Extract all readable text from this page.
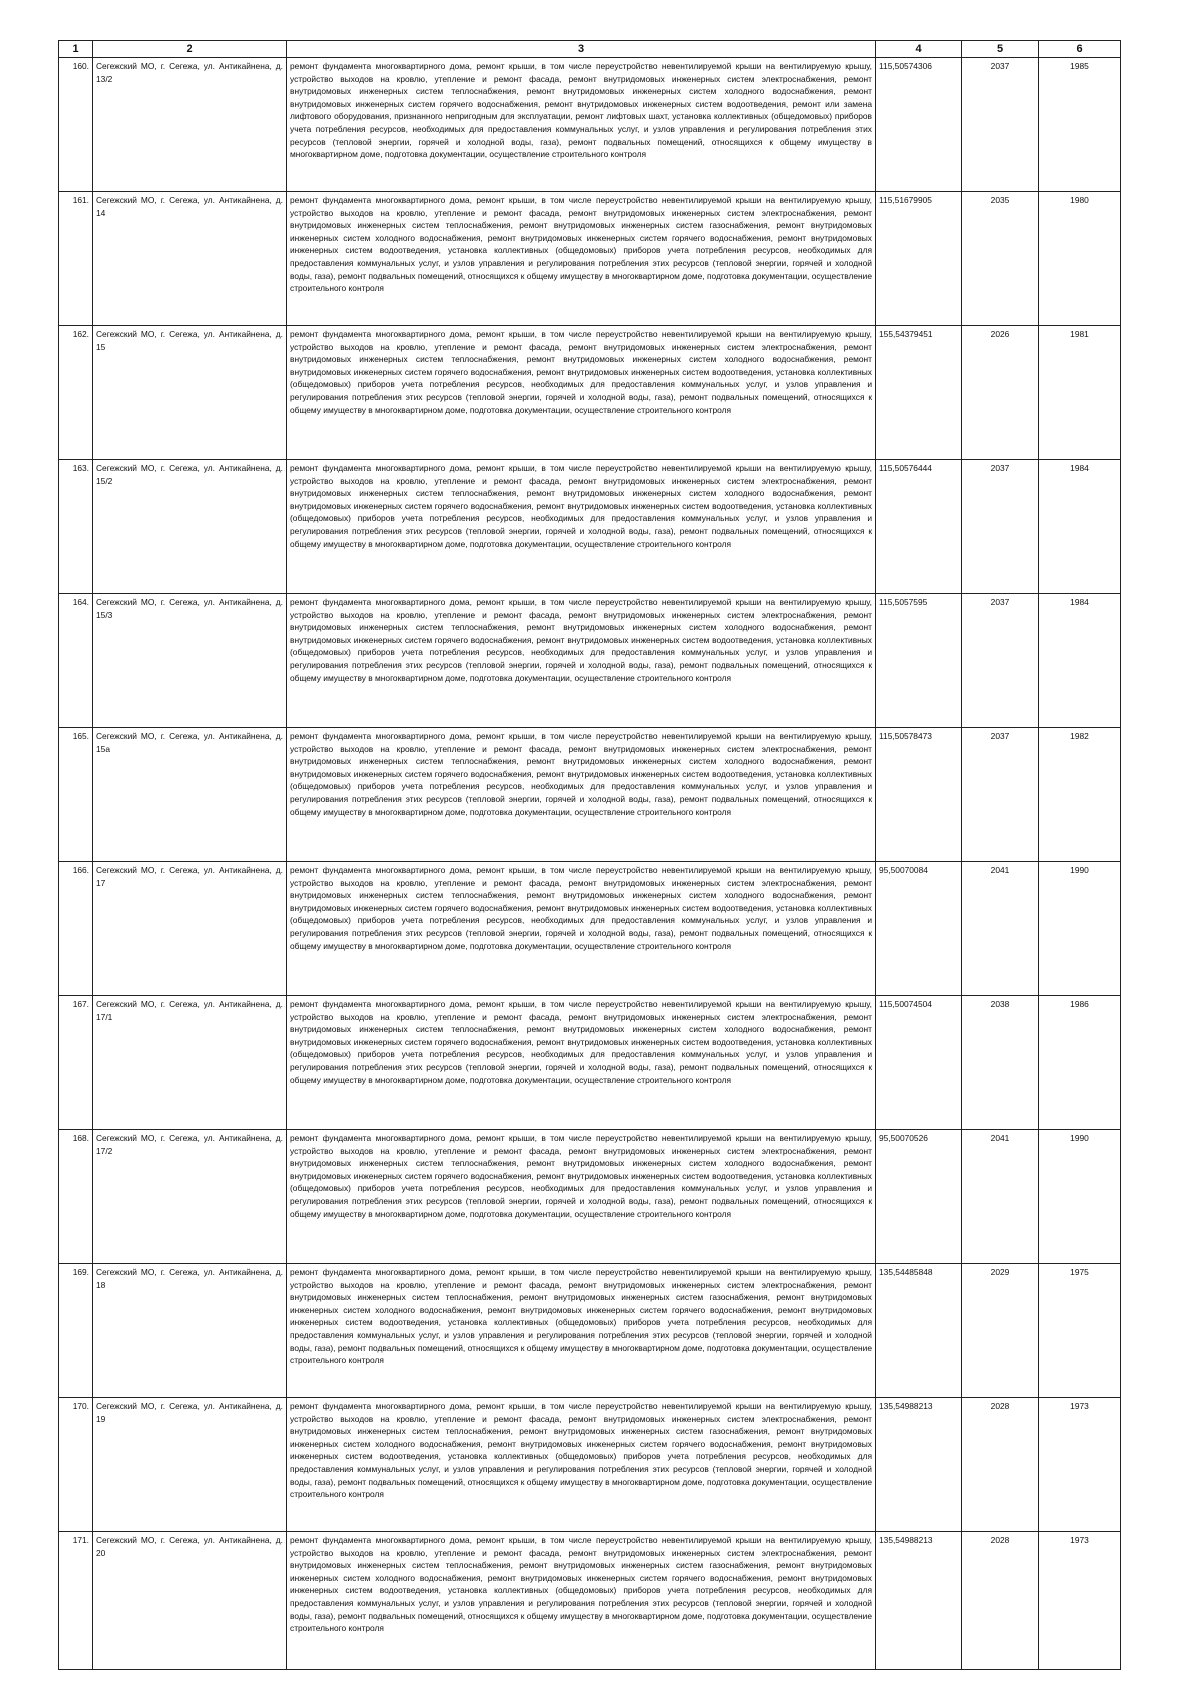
1	2	3	4	5	6
160.	Сегежский МО, г. Сегежа, ул. Антикайнена, д. 13/2	ремонт фундамента многоквартирного дома, ремонт крыши, в том числе переустройство невентилируемой крыши на вентилируемую крышу, устройство выходов на кровлю, утепление и ремонт фасада, ремонт внутридомовых инженерных систем электроснабжения, ремонт внутридомовых инженерных систем теплоснабжения, ремонт внутридомовых инженерных систем холодного водоснабжения, ремонт внутридомовых инженерных систем горячего водоснабжения, ремонт внутридомовых инженерных систем водоотведения, ремонт или замена лифтового оборудования, признанного непригодным для эксплуатации, ремонт лифтовых шахт, установка коллективных (общедомовых) приборов учета потребления ресурсов, необходимых для предоставления коммунальных услуг, и узлов управления и регулирования потребления этих ресурсов (тепловой энергии, горячей и холодной воды, газа), ремонт подвальных помещений, относящихся к общему имуществу в многоквартирном доме, подготовка документации, осуществление строительного контроля	115,50574306	2037	1985
161.	Сегежский МО, г. Сегежа, ул. Антикайнена, д. 14	ремонт фундамента многоквартирного дома, ремонт крыши, в том числе переустройство невентилируемой крыши на вентилируемую крышу, устройство выходов на кровлю, утепление и ремонт фасада, ремонт внутридомовых инженерных систем электроснабжения, ремонт внутридомовых инженерных систем теплоснабжения, ремонт внутридомовых инженерных систем газоснабжения, ремонт внутридомовых инженерных систем холодного водоснабжения, ремонт внутридомовых инженерных систем горячего водоснабжения, ремонт внутридомовых инженерных систем водоотведения, установка коллективных (общедомовых) приборов учета потребления ресурсов, необходимых для предоставления коммунальных услуг, и узлов управления и регулирования потребления этих ресурсов (тепловой энергии, горячей и холодной воды, газа), ремонт подвальных помещений, относящихся к общему имуществу в многоквартирном доме, подготовка документации, осуществление строительного контроля	115,51679905	2035	1980
162.	Сегежский МО, г. Сегежа, ул. Антикайнена, д. 15	ремонт фундамента многоквартирного дома, ремонт крыши, в том числе переустройство невентилируемой крыши на вентилируемую крышу, устройство выходов на кровлю, утепление и ремонт фасада, ремонт внутридомовых инженерных систем электроснабжения, ремонт внутридомовых инженерных систем теплоснабжения, ремонт внутридомовых инженерных систем холодного водоснабжения, ремонт внутридомовых инженерных систем горячего водоснабжения, ремонт внутридомовых инженерных систем водоотведения, установка коллективных (общедомовых) приборов учета потребления ресурсов, необходимых для предоставления коммунальных услуг, и узлов управления и регулирования потребления этих ресурсов (тепловой энергии, горячей и холодной воды, газа), ремонт подвальных помещений, относящихся к общему имуществу в многоквартирном доме, подготовка документации, осуществление строительного контроля	155,54379451	2026	1981
163.	Сегежский МО, г. Сегежа, ул. Антикайнена, д. 15/2	ремонт фундамента многоквартирного дома, ремонт крыши, в том числе переустройство невентилируемой крыши на вентилируемую крышу, устройство выходов на кровлю, утепление и ремонт фасада, ремонт внутридомовых инженерных систем электроснабжения, ремонт внутридомовых инженерных систем теплоснабжения, ремонт внутридомовых инженерных систем холодного водоснабжения, ремонт внутридомовых инженерных систем горячего водоснабжения, ремонт внутридомовых инженерных систем водоотведения, установка коллективных (общедомовых) приборов учета потребления ресурсов, необходимых для предоставления коммунальных услуг, и узлов управления и регулирования потребления этих ресурсов (тепловой энергии, горячей и холодной воды, газа), ремонт подвальных помещений, относящихся к общему имуществу в многоквартирном доме, подготовка документации, осуществление строительного контроля	115,50576444	2037	1984
164.	Сегежский МО, г. Сегежа, ул. Антикайнена, д. 15/3	ремонт фундамента многоквартирного дома, ремонт крыши, в том числе переустройство невентилируемой крыши на вентилируемую крышу, устройство выходов на кровлю, утепление и ремонт фасада, ремонт внутридомовых инженерных систем электроснабжения, ремонт внутридомовых инженерных систем теплоснабжения, ремонт внутридомовых инженерных систем холодного водоснабжения, ремонт внутридомовых инженерных систем горячего водоснабжения, ремонт внутридомовых инженерных систем водоотведения, установка коллективных (общедомовых) приборов учета потребления ресурсов, необходимых для предоставления коммунальных услуг, и узлов управления и регулирования потребления этих ресурсов (тепловой энергии, горячей и холодной воды, газа), ремонт подвальных помещений, относящихся к общему имуществу в многоквартирном доме, подготовка документации, осуществление строительного контроля	115,5057595	2037	1984
165.	Сегежский МО, г. Сегежа, ул. Антикайнена, д. 15а	ремонт фундамента многоквартирного дома, ремонт крыши, в том числе переустройство невентилируемой крыши на вентилируемую крышу, устройство выходов на кровлю, утепление и ремонт фасада, ремонт внутридомовых инженерных систем электроснабжения, ремонт внутридомовых инженерных систем теплоснабжения, ремонт внутридомовых инженерных систем холодного водоснабжения, ремонт внутридомовых инженерных систем горячего водоснабжения, ремонт внутридомовых инженерных систем водоотведения, установка коллективных (общедомовых) приборов учета потребления ресурсов, необходимых для предоставления коммунальных услуг, и узлов управления и регулирования потребления этих ресурсов (тепловой энергии, горячей и холодной воды, газа), ремонт подвальных помещений, относящихся к общему имуществу в многоквартирном доме, подготовка документации, осуществление строительного контроля	115,50578473	2037	1982
166.	Сегежский МО, г. Сегежа, ул. Антикайнена, д. 17	ремонт фундамента многоквартирного дома, ремонт крыши, в том числе переустройство невентилируемой крыши на вентилируемую крышу, устройство выходов на кровлю, утепление и ремонт фасада, ремонт внутридомовых инженерных систем электроснабжения, ремонт внутридомовых инженерных систем теплоснабжения, ремонт внутридомовых инженерных систем холодного водоснабжения, ремонт внутридомовых инженерных систем горячего водоснабжения, ремонт внутридомовых инженерных систем водоотведения, установка коллективных (общедомовых) приборов учета потребления ресурсов, необходимых для предоставления коммунальных услуг, и узлов управления и регулирования потребления этих ресурсов (тепловой энергии, горячей и холодной воды, газа), ремонт подвальных помещений, относящихся к общему имуществу в многоквартирном доме, подготовка документации, осуществление строительного контроля	95,50070084	2041	1990
167.	Сегежский МО, г. Сегежа, ул. Антикайнена, д. 17/1	ремонт фундамента многоквартирного дома, ремонт крыши, в том числе переустройство невентилируемой крыши на вентилируемую крышу, устройство выходов на кровлю, утепление и ремонт фасада, ремонт внутридомовых инженерных систем электроснабжения, ремонт внутридомовых инженерных систем теплоснабжения, ремонт внутридомовых инженерных систем холодного водоснабжения, ремонт внутридомовых инженерных систем горячего водоснабжения, ремонт внутридомовых инженерных систем водоотведения, установка коллективных (общедомовых) приборов учета потребления ресурсов, необходимых для предоставления коммунальных услуг, и узлов управления и регулирования потребления этих ресурсов (тепловой энергии, горячей и холодной воды, газа), ремонт подвальных помещений, относящихся к общему имуществу в многоквартирном доме, подготовка документации, осуществление строительного контроля	115,50074504	2038	1986
168.	Сегежский МО, г. Сегежа, ул. Антикайнена, д. 17/2	ремонт фундамента многоквартирного дома, ремонт крыши, в том числе переустройство невентилируемой крыши на вентилируемую крышу, устройство выходов на кровлю, утепление и ремонт фасада, ремонт внутридомовых инженерных систем электроснабжения, ремонт внутридомовых инженерных систем теплоснабжения, ремонт внутридомовых инженерных систем холодного водоснабжения, ремонт внутридомовых инженерных систем горячего водоснабжения, ремонт внутридомовых инженерных систем водоотведения, установка коллективных (общедомовых) приборов учета потребления ресурсов, необходимых для предоставления коммунальных услуг, и узлов управления и регулирования потребления этих ресурсов (тепловой энергии, горячей и холодной воды, газа), ремонт подвальных помещений, относящихся к общему имуществу в многоквартирном доме, подготовка документации, осуществление строительного контроля	95,50070526	2041	1990
169.	Сегежский МО, г. Сегежа, ул. Антикайнена, д. 18	ремонт фундамента многоквартирного дома, ремонт крыши, в том числе переустройство невентилируемой крыши на вентилируемую крышу, устройство выходов на кровлю, утепление и ремонт фасада, ремонт внутридомовых инженерных систем электроснабжения, ремонт внутридомовых инженерных систем теплоснабжения, ремонт внутридомовых инженерных систем газоснабжения, ремонт внутридомовых инженерных систем холодного водоснабжения, ремонт внутридомовых инженерных систем горячего водоснабжения, ремонт внутридомовых инженерных систем водоотведения, установка коллективных (общедомовых) приборов учета потребления ресурсов, необходимых для предоставления коммунальных услуг, и узлов управления и регулирования потребления этих ресурсов (тепловой энергии, горячей и холодной воды, газа), ремонт подвальных помещений, относящихся к общему имуществу в многоквартирном доме, подготовка документации, осуществление строительного контроля	135,54485848	2029	1975
170.	Сегежский МО, г. Сегежа, ул. Антикайнена, д. 19	ремонт фундамента многоквартирного дома, ремонт крыши, в том числе переустройство невентилируемой крыши на вентилируемую крышу, устройство выходов на кровлю, утепление и ремонт фасада, ремонт внутридомовых инженерных систем электроснабжения, ремонт внутридомовых инженерных систем теплоснабжения, ремонт внутридомовых инженерных систем газоснабжения, ремонт внутридомовых инженерных систем холодного водоснабжения, ремонт внутридомовых инженерных систем горячего водоснабжения, ремонт внутридомовых инженерных систем водоотведения, установка коллективных (общедомовых) приборов учета потребления ресурсов, необходимых для предоставления коммунальных услуг, и узлов управления и регулирования потребления этих ресурсов (тепловой энергии, горячей и холодной воды, газа), ремонт подвальных помещений, относящихся к общему имуществу в многоквартирном доме, подготовка документации, осуществление строительного контроля	135,54988213	2028	1973
171.	Сегежский МО, г. Сегежа, ул. Антикайнена, д. 20	ремонт фундамента многоквартирного дома, ремонт крыши, в том числе переустройство невентилируемой крыши на вентилируемую крышу, устройство выходов на кровлю, утепление и ремонт фасада, ремонт внутридомовых инженерных систем электроснабжения, ремонт внутридомовых инженерных систем теплоснабжения, ремонт внутридомовых инженерных систем газоснабжения, ремонт внутридомовых инженерных систем холодного водоснабжения, ремонт внутридомовых инженерных систем горячего водоснабжения, ремонт внутридомовых инженерных систем водоотведения, установка коллективных (общедомовых) приборов учета потребления ресурсов, необходимых для предоставления коммунальных услуг, и узлов управления и регулирования потребления этих ресурсов (тепловой энергии, горячей и холодной воды, газа), ремонт подвальных помещений, относящихся к общему имуществу в многоквартирном доме, подготовка документации, осуществление строительного контроля	135,54988213	2028	1973
